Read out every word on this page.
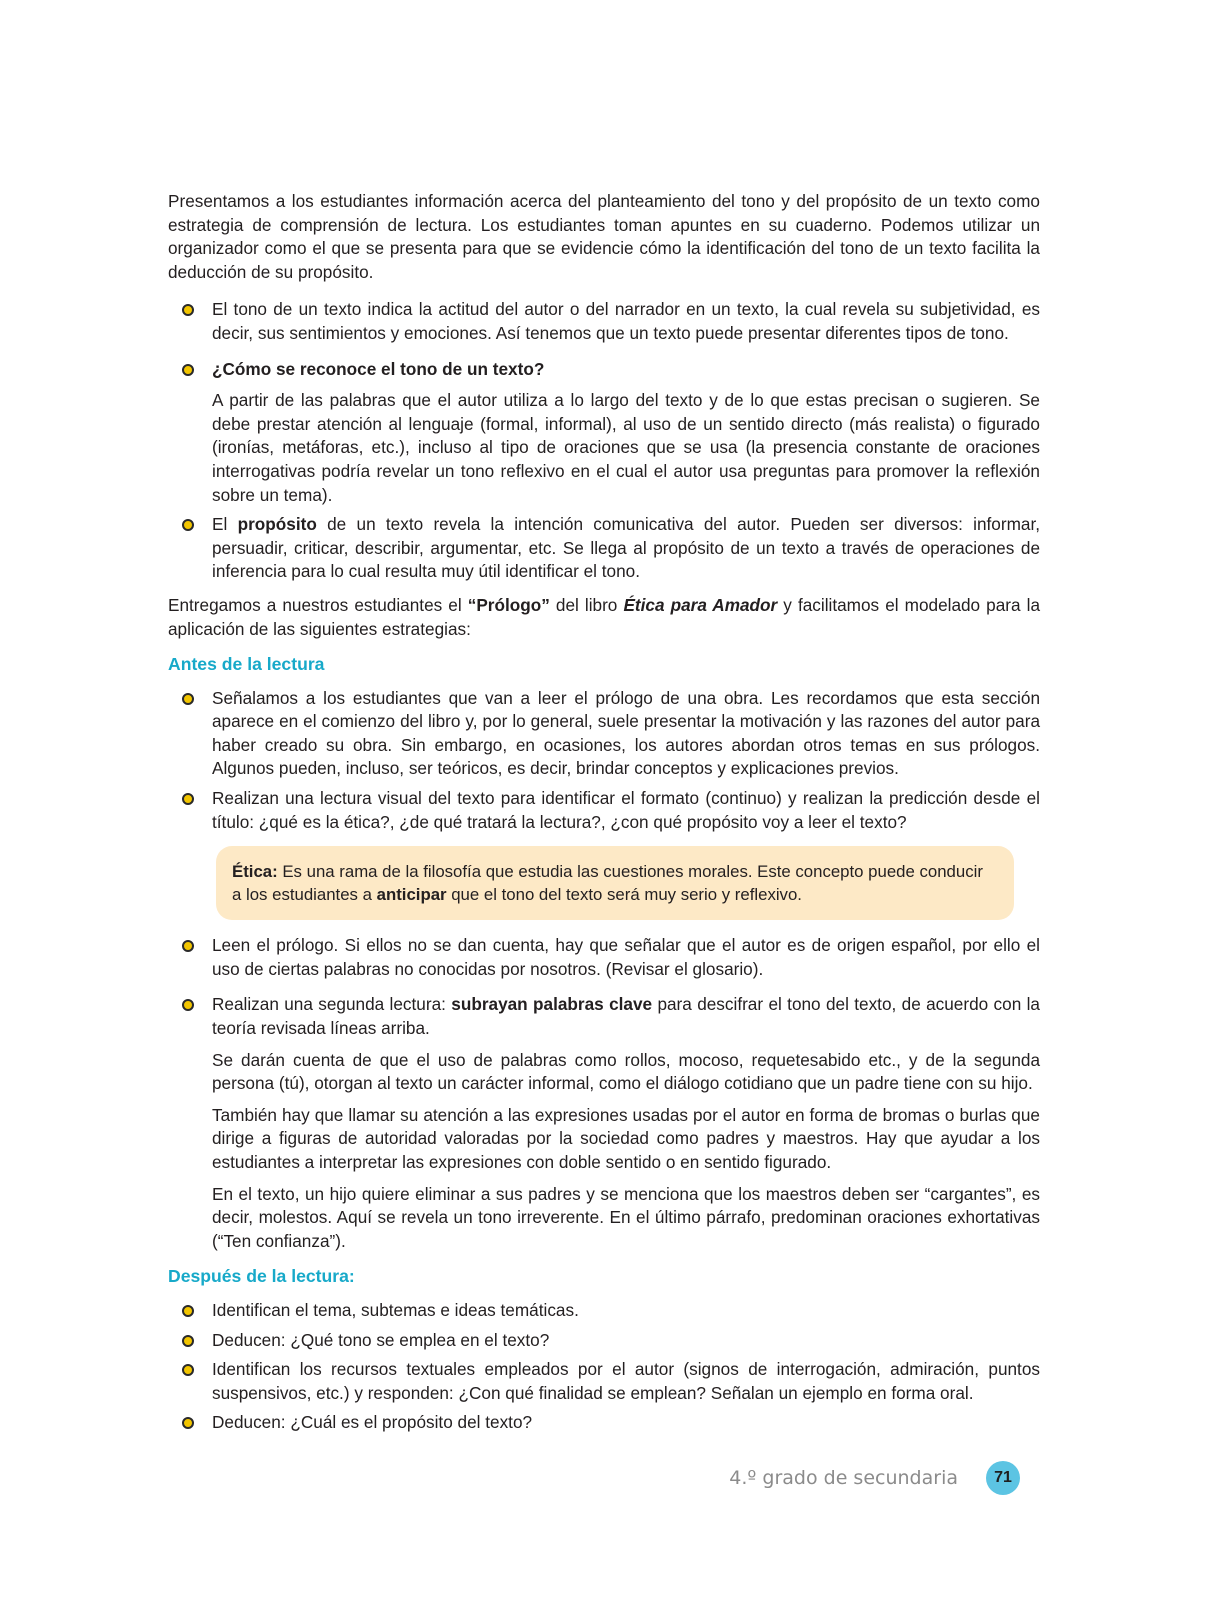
Presentamos a los estudiantes información acerca del planteamiento del tono y del propósito de un texto como estrategia de comprensión de lectura. Los estudiantes toman apuntes en su cuaderno. Podemos utilizar un organizador como el que se presenta para que se evidencie cómo la identificación del tono de un texto facilita la deducción de su propósito.

El tono de un texto indica la actitud del autor o del narrador en un texto, la cual revela su subjetividad, es decir, sus sentimientos y emociones. Así tenemos que un texto puede presentar diferentes tipos de tono.

¿Cómo se reconoce el tono de un texto?

A partir de las palabras que el autor utiliza a lo largo del texto y de lo que estas precisan o sugieren. Se debe prestar atención al lenguaje (formal, informal), al uso de un sentido directo (más realista) o figurado (ironías, metáforas, etc.), incluso al tipo de oraciones que se usa (la presencia constante de oraciones interrogativas podría revelar un tono reflexivo en el cual el autor usa preguntas para promover la reflexión sobre un tema).

El propósito de un texto revela la intención comunicativa del autor. Pueden ser diversos: informar, persuadir, criticar, describir, argumentar, etc. Se llega al propósito de un texto a través de operaciones de inferencia para lo cual resulta muy útil identificar el tono.

Entregamos a nuestros estudiantes el “Prólogo” del libro Ética para Amador y facilitamos el modelado para la aplicación de las siguientes estrategias:

Antes de la lectura

Señalamos a los estudiantes que van a leer el prólogo de una obra. Les recordamos que esta sección aparece en el comienzo del libro y, por lo general, suele presentar la motivación y las razones del autor para haber creado su obra. Sin embargo, en ocasiones, los autores abordan otros temas en sus prólogos. Algunos pueden, incluso, ser teóricos, es decir, brindar conceptos y explicaciones previos.

Realizan una lectura visual del texto para identificar el formato (continuo) y realizan la predicción desde el título: ¿qué es la ética?, ¿de qué tratará la lectura?, ¿con qué propósito voy a leer el texto?

Ética: Es una rama de la filosofía que estudia las cuestiones morales. Este concepto puede conducir a los estudiantes a anticipar que el tono del texto será muy serio y reflexivo.

Leen el prólogo. Si ellos no se dan cuenta, hay que señalar que el autor es de origen español, por ello el uso de ciertas palabras no conocidas por nosotros. (Revisar el glosario).

Realizan una segunda lectura: subrayan palabras clave para descifrar el tono del texto, de acuerdo con la teoría revisada líneas arriba.

Se darán cuenta de que el uso de palabras como rollos, mocoso, requetesabido etc., y de la segunda persona (tú), otorgan al texto un carácter informal, como el diálogo cotidiano que un padre tiene con su hijo.

También hay que llamar su atención a las expresiones usadas por el autor en forma de bromas o burlas que dirige a figuras de autoridad valoradas por la sociedad como padres y maestros. Hay que ayudar a los estudiantes a interpretar las expresiones con doble sentido o en sentido figurado.

En el texto, un hijo quiere eliminar a sus padres y se menciona que los maestros deben ser “cargantes”, es decir, molestos. Aquí se revela un tono irreverente. En el último párrafo, predominan oraciones exhortativas (“Ten confianza”).

Después de la lectura:

Identifican el tema, subtemas e ideas temáticas.

Deducen: ¿Qué tono se emplea en el texto?

Identifican los recursos textuales empleados por el autor (signos de interrogación, admiración, puntos suspensivos, etc.) y responden: ¿Con qué finalidad se emplean? Señalan un ejemplo en forma oral.

Deducen: ¿Cuál es el propósito del texto?

4.º grado de secundaria	71
